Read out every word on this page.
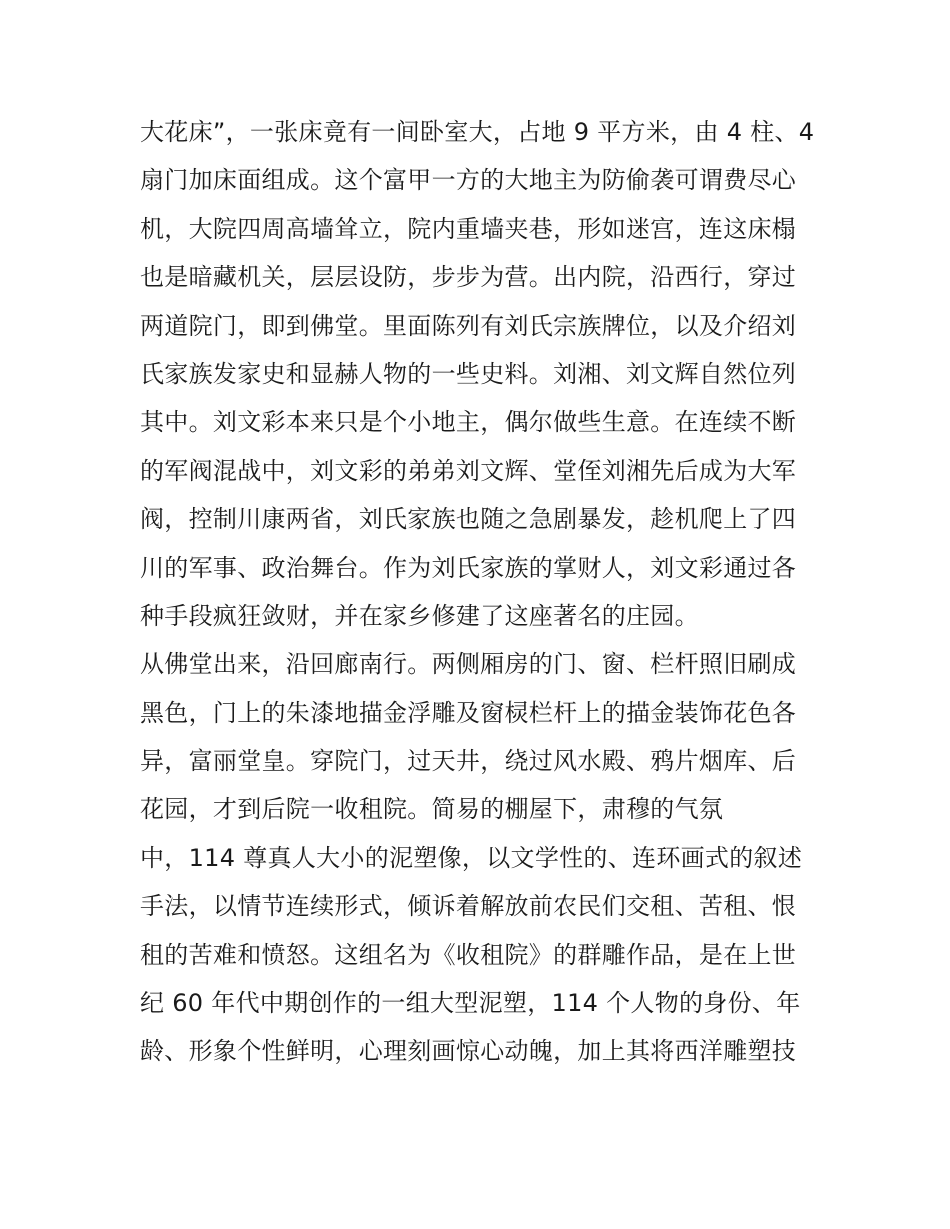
大花床”，一张床竟有一间卧室大，占地 9 平方米，由 4 柱、4
扇门加床面组成。这个富甲一方的大地主为防偷袭可谓费尽心
机，大院四周高墙耸立，院内重墙夹巷，形如迷宫，连这床榻
也是暗藏机关，层层设防，步步为营。出内院，沿西行，穿过
两道院门，即到佛堂。里面陈列有刘氏宗族牌位，以及介绍刘
氏家族发家史和显赫人物的一些史料。刘湘、刘文辉自然位列
其中。刘文彩本来只是个小地主，偶尔做些生意。在连续不断
的军阀混战中，刘文彩的弟弟刘文辉、堂侄刘湘先后成为大军
阀，控制川康两省，刘氏家族也随之急剧暴发，趁机爬上了四
川的军事、政治舞台。作为刘氏家族的掌财人，刘文彩通过各
种手段疯狂敛财，并在家乡修建了这座著名的庄园。
从佛堂出来，沿回廊南行。两侧厢房的门、窗、栏杆照旧刷成
黑色，门上的朱漆地描金浮雕及窗棂栏杆上的描金装饰花色各
异，富丽堂皇。穿院门，过天井，绕过风水殿、鸦片烟库、后
花园，才到后院一收租院。简易的棚屋下，肃穆的气氛
中，114 尊真人大小的泥塑像，以文学性的、连环画式的叙述
手法，以情节连续形式，倾诉着解放前农民们交租、苦租、恨
租的苦难和愤怒。这组名为《收租院》的群雕作品，是在上世
纪 60 年代中期创作的一组大型泥塑，114 个人物的身份、年
龄、形象个性鲜明，心理刻画惊心动魄，加上其将西洋雕塑技
